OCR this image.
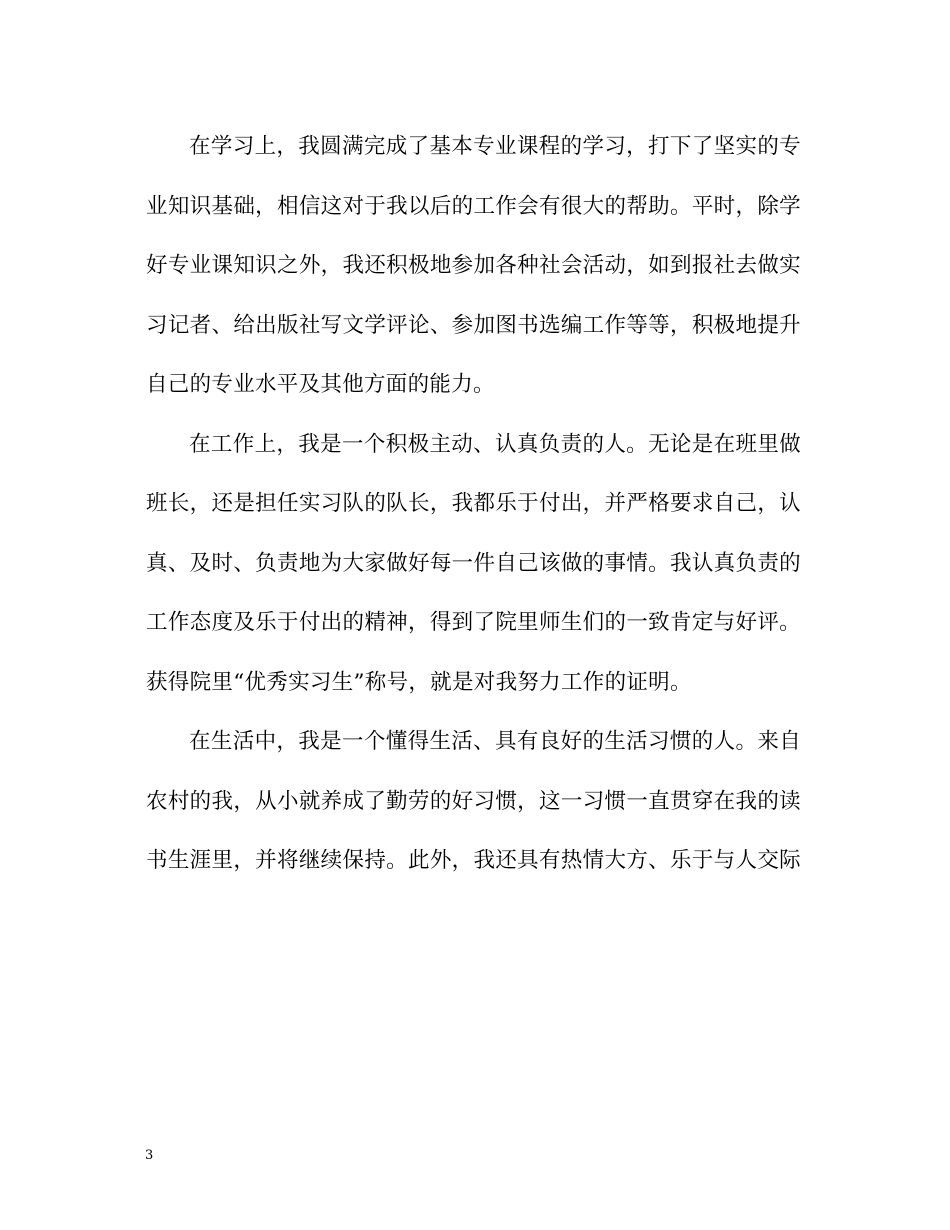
在学习上，我圆满完成了基本专业课程的学习，打下了坚实的专
业知识基础，相信这对于我以后的工作会有很大的帮助。平时，除学
好专业课知识之外，我还积极地参加各种社会活动，如到报社去做实
习记者、给出版社写文学评论、参加图书选编工作等等，积极地提升
自己的专业水平及其他方面的能力。

在工作上，我是一个积极主动、认真负责的人。无论是在班里做
班长，还是担任实习队的队长，我都乐于付出，并严格要求自己，认
真、及时、负责地为大家做好每一件自己该做的事情。我认真负责的
工作态度及乐于付出的精神，得到了院里师生们的一致肯定与好评。
获得院里“优秀实习生”称号，就是对我努力工作的证明。

在生活中，我是一个懂得生活、具有良好的生活习惯的人。来自
农村的我，从小就养成了勤劳的好习惯，这一习惯一直贯穿在我的读
书生涯里，并将继续保持。此外，我还具有热情大方、乐于与人交际

3
